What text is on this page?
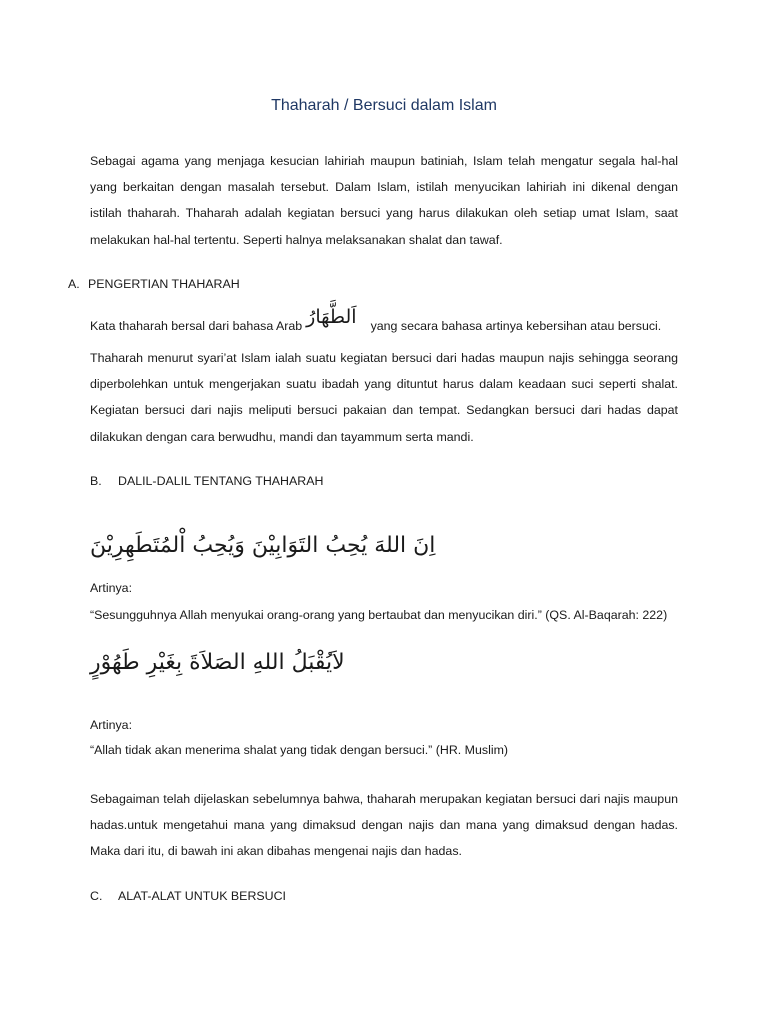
Thaharah / Bersuci dalam Islam

Sebagai agama yang menjaga kesucian lahiriah maupun batiniah, Islam telah mengatur segala hal-hal yang berkaitan dengan masalah tersebut. Dalam Islam, istilah menyucikan lahiriah ini dikenal dengan istilah thaharah. Thaharah adalah kegiatan bersuci yang harus dilakukan oleh setiap umat Islam, saat melakukan hal-hal tertentu. Seperti halnya melaksanakan shalat dan tawaf.

A. PENGERTIAN THAHARAH
Kata thaharah bersal dari bahasa Arab اَلطَّهَارُ yang secara bahasa artinya kebersihan atau bersuci.

Thaharah menurut syari’at Islam ialah suatu kegiatan bersuci dari hadas maupun najis sehingga seorang diperbolehkan untuk mengerjakan suatu ibadah yang dituntut harus dalam keadaan suci seperti shalat. Kegiatan bersuci dari najis meliputi bersuci pakaian dan tempat. Sedangkan bersuci dari hadas dapat dilakukan dengan cara berwudhu, mandi dan tayammum serta mandi.

B. DALIL-DALIL TENTANG THAHARAH
اِنَ اللهَ يُحِبُ التَوَابِيْنَ وَيُحِبُ اْلمُتَطَهِرِيْنَ
Artinya:
“Sesungguhnya Allah menyukai orang-orang yang bertaubat dan menyucikan diri.” (QS. Al-Baqarah: 222)
لاَيُقْبَلُ اللهِ الصَلاَةَ بِغَيْرِ طَهُوْرٍ
Artinya:
“Allah tidak akan menerima shalat yang tidak dengan bersuci.” (HR. Muslim)

Sebagaiman telah dijelaskan sebelumnya bahwa, thaharah merupakan kegiatan bersuci dari najis maupun hadas.untuk mengetahui mana yang dimaksud dengan najis dan mana yang dimaksud dengan hadas. Maka dari itu, di bawah ini akan dibahas mengenai najis dan hadas.

C. ALAT-ALAT UNTUK BERSUCI
